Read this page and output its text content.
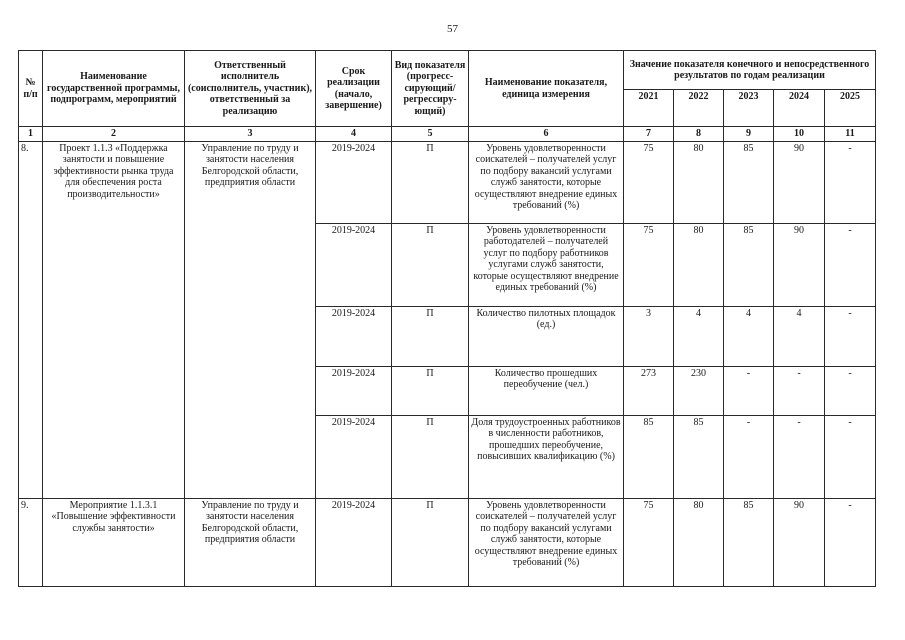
57
№ п/п	Наименование государственной программы, подпрограмм, мероприятий	Ответственный исполнитель (соисполнитель, участник), ответственный за реализацию	Срок реализации (начало, завершение)	Вид показателя (прогресс-сирующий/ регрессиру-ющий)	Наименование показателя, единица измерения	Значение показателя конечного и непосредственного результатов по годам реализации				
						2021	2022	2023	2024	2025
1	2	3	4	5	6	7	8	9	10	11
8.	Проект 1.1.3 «Поддержка занятости и повышение эффективности рынка труда для обеспечения роста производительности»	Управление по труду и занятости населения Белгородской области, предприятия области	2019-2024	П	Уровень удовлетворенности соискателей – получателей услуг по подбору вакансий услугами служб занятости, которые осуществляют внедрение единых требований (%)	75	80	85	90	-
			2019-2024	П	Уровень удовлетворенности работодателей – получателей услуг по подбору работников услугами служб занятости, которые осуществляют внедрение единых требований (%)	75	80	85	90	-
			2019-2024	П	Количество пилотных площадок (ед.)	3	4	4	4	-
			2019-2024	П	Количество прошедших переобучение (чел.)	273	230	-	-	-
			2019-2024	П	Доля трудоустроенных работников в численности работников, прошедших переобучение, повысивших квалификацию (%)	85	85	-	-	-
9.	Мероприятие 1.1.3.1 «Повышение эффективности службы занятости»	Управление по труду и занятости населения Белгородской области, предприятия области	2019-2024	П	Уровень удовлетворенности соискателей – получателей услуг по подбору вакансий услугами служб занятости, которые осуществляют внедрение единых требований (%)	75	80	85	90	-
